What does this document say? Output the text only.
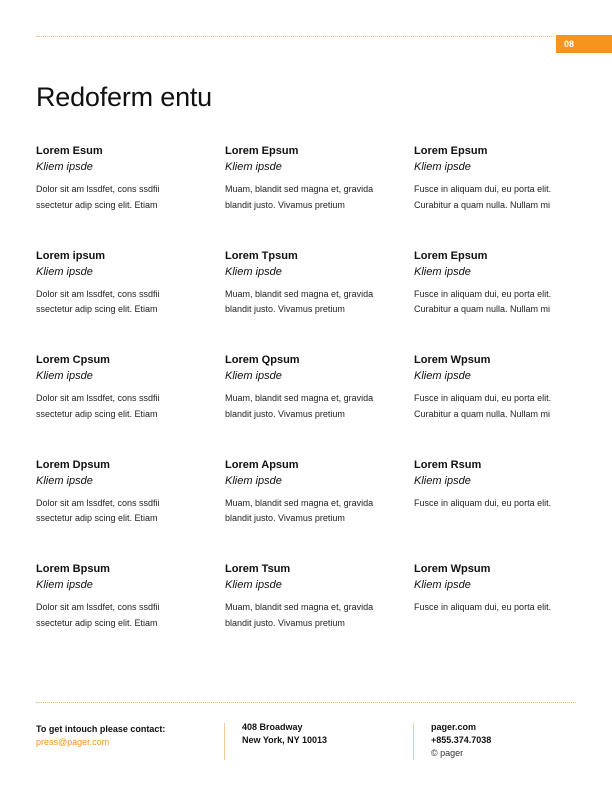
08
Redoferm entu
Lorem Esum
Kliem ipsde
Dolor sit am lssdfet, cons ssdfii
ssectetur adip scing elit. Etiam
Lorem Epsum
Kliem ipsde
Muam, blandit sed magna et, gravida
blandit justo. Vivamus pretium
Lorem Epsum
Kliem ipsde
Fusce in aliquam dui, eu porta elit.
Curabitur a quam nulla. Nullam mi
Lorem ipsum
Kliem ipsde
Dolor sit am lssdfet, cons ssdfii
ssectetur adip scing elit. Etiam
Lorem Tpsum
Kliem ipsde
Muam, blandit sed magna et, gravida
blandit justo. Vivamus pretium
Lorem Epsum
Kliem ipsde
Fusce in aliquam dui, eu porta elit.
Curabitur a quam nulla. Nullam mi
Lorem Cpsum
Kliem ipsde
Dolor sit am lssdfet, cons ssdfii
ssectetur adip scing elit. Etiam
Lorem Qpsum
Kliem ipsde
Muam, blandit sed magna et, gravida
blandit justo. Vivamus pretium
Lorem Wpsum
Kliem ipsde
Fusce in aliquam dui, eu porta elit.
Curabitur a quam nulla. Nullam mi
Lorem Dpsum
Kliem ipsde
Dolor sit am lssdfet, cons ssdfii
ssectetur adip scing elit. Etiam
Lorem Apsum
Kliem ipsde
Muam, blandit sed magna et, gravida
blandit justo. Vivamus pretium
Lorem Rsum
Kliem ipsde
Fusce in aliquam dui, eu porta elit.
Lorem Bpsum
Kliem ipsde
Dolor sit am lssdfet, cons ssdfii
ssectetur adip scing elit. Etiam
Lorem Tsum
Kliem ipsde
Muam, blandit sed magna et, gravida
blandit justo. Vivamus pretium
Lorem Wpsum
Kliem ipsde
Fusce in aliquam dui, eu porta elit.
To get intouch please contact:
press@pager.com
408 Broadway
New York, NY 10013
pager.com
+855.374.7038
© pager
